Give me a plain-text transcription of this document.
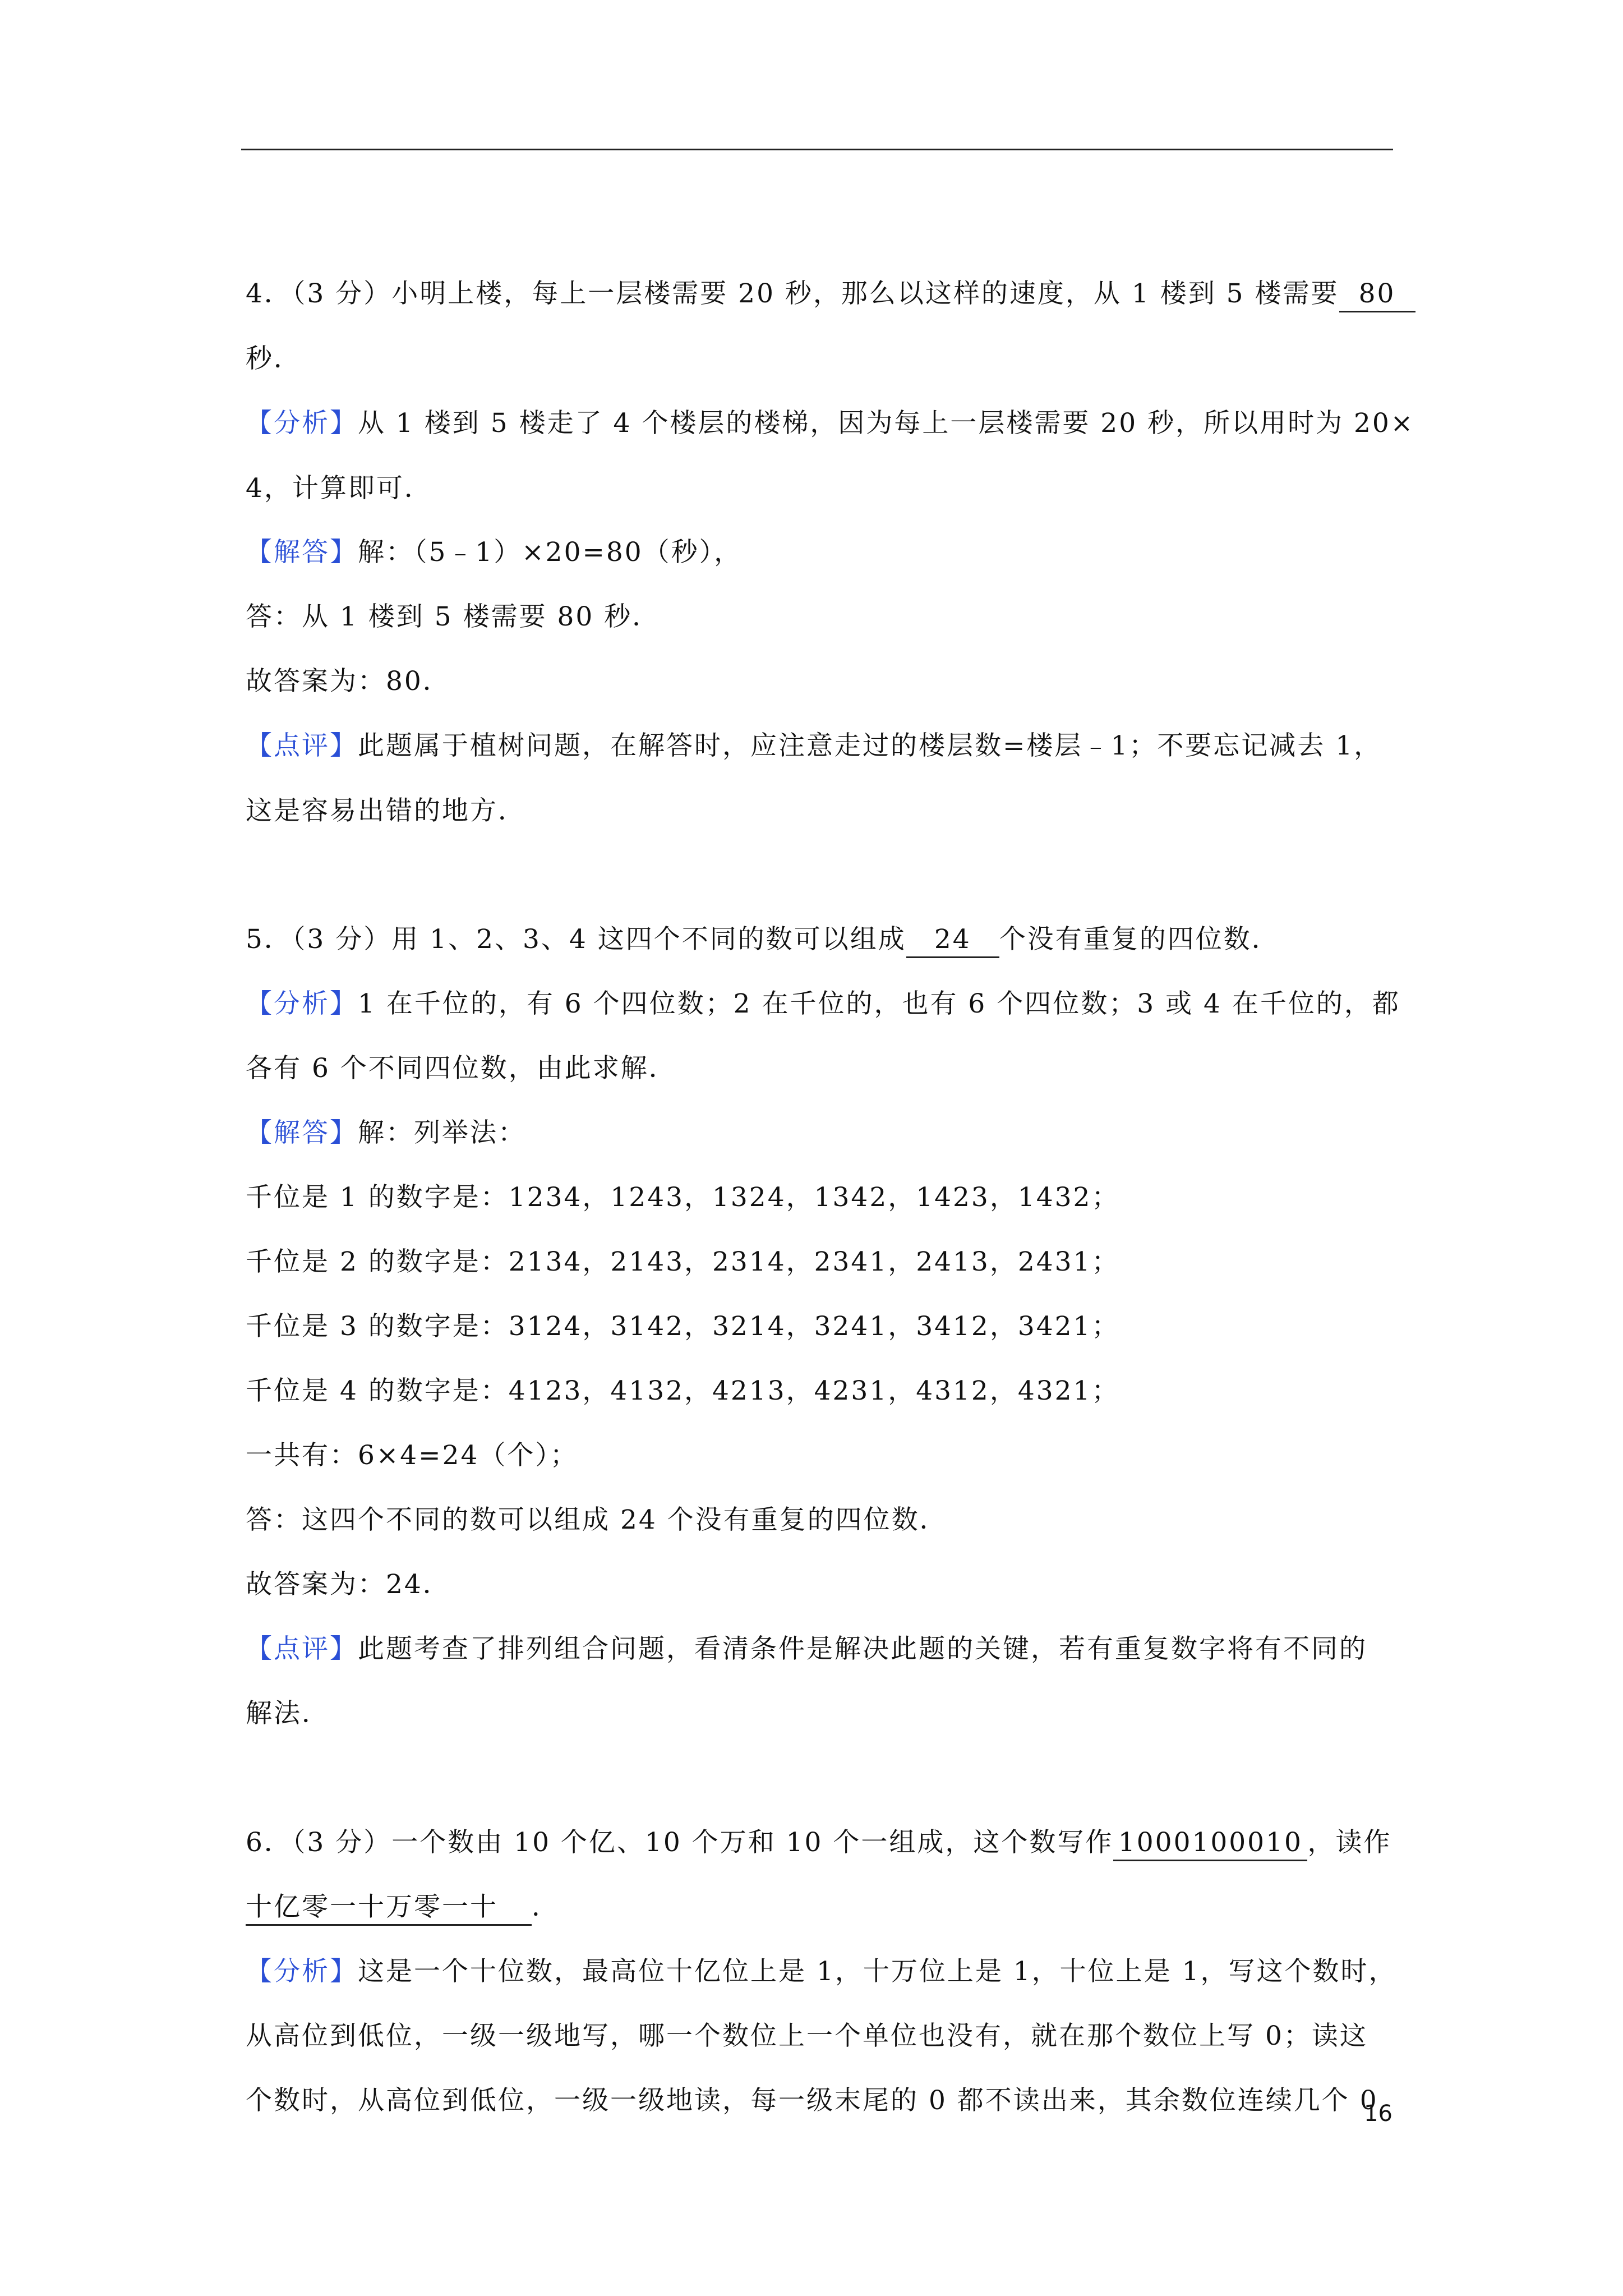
4．（3 分）小明上楼，每上一层楼需要 20 秒，那么以这样的速度，从 1 楼到 5 楼需要 80
秒．
【分析】从 1 楼到 5 楼走了 4 个楼层的楼梯，因为每上一层楼需要 20 秒，所以用时为 20×
4，计算即可．
【解答】解：（5﹣1）×20=80（秒），
答：从 1 楼到 5 楼需要 80 秒．
故答案为：80．
【点评】此题属于植树问题，在解答时，应注意走过的楼层数=楼层﹣1；不要忘记减去 1，
这是容易出错的地方．
5．（3 分）用 1、2、3、4 这四个不同的数可以组成 24 个没有重复的四位数．
【分析】1 在千位的，有 6 个四位数；2 在千位的，也有 6 个四位数；3 或 4 在千位的，都
各有 6 个不同四位数，由此求解．
【解答】解：列举法：
千位是 1 的数字是：1234，1243，1324，1342，1423，1432；
千位是 2 的数字是：2134，2143，2314，2341，2413，2431；
千位是 3 的数字是：3124，3142，3214，3241，3412，3421；
千位是 4 的数字是：4123，4132，4213，4231，4312，4321；
一共有：6×4=24（个）；
答：这四个不同的数可以组成 24 个没有重复的四位数．
故答案为：24．
【点评】此题考查了排列组合问题，看清条件是解决此题的关键，若有重复数字将有不同的
解法．
6．（3 分）一个数由 10 个亿、10 个万和 10 个一组成，这个数写作 1000100010 ，读作
十亿零一十万零一十 ．
【分析】这是一个十位数，最高位十亿位上是 1，十万位上是 1，十位上是 1，写这个数时，
从高位到低位，一级一级地写，哪一个数位上一个单位也没有，就在那个数位上写 0；读这
个数时，从高位到低位，一级一级地读，每一级末尾的 0 都不读出来，其余数位连续几个 0
16
